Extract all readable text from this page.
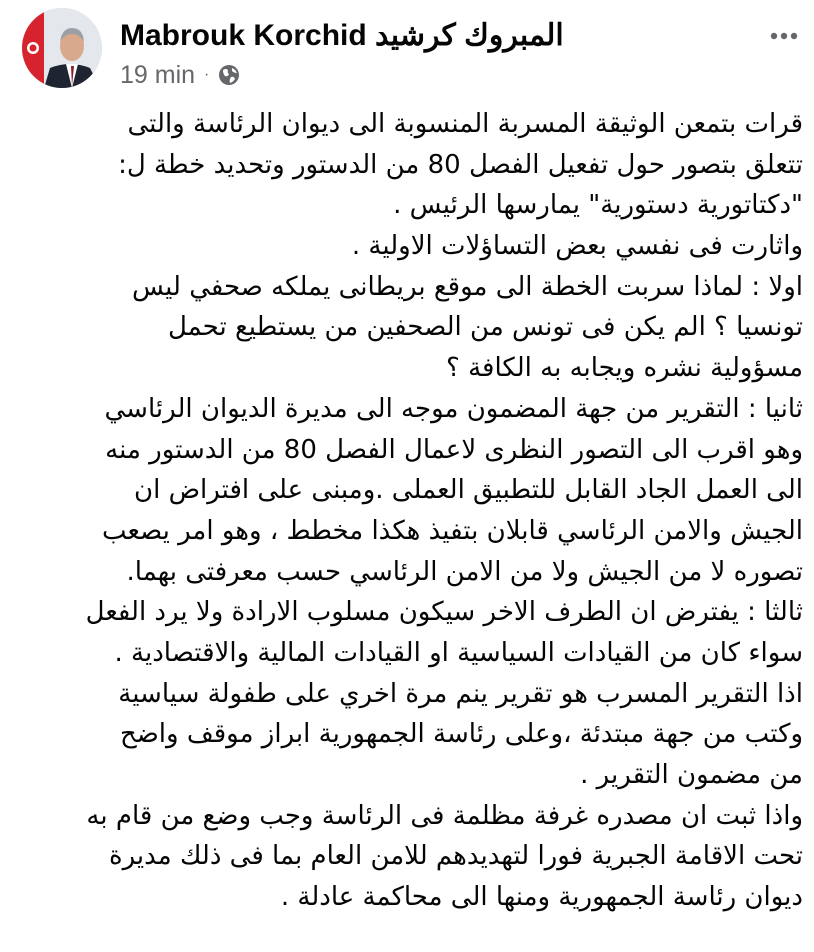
Mabrouk Korchid المبروك كرشيد
19 min ·
قرات بتمعن الوثيقة المسربة المنسوبة الى ديوان الرئاسة والتى
تتعلق بتصور حول تفعيل الفصل 80 من الدستور وتحديد خطة ل:
"دكتاتورية دستورية" يمارسها الرئيس .
واثارت فى نفسي بعض التساؤلات الاولية .
اولا : لماذا سربت الخطة الى موقع بريطانى يملكه صحفي ليس
تونسيا ؟ الم يكن فى تونس من الصحفين من يستطيع تحمل
مسؤولية نشره ويجابه به الكافة ؟
ثانيا : التقرير من جهة المضمون موجه الى مديرة الديوان الرئاسي
وهو اقرب الى التصور النظرى لاعمال الفصل 80 من الدستور منه
الى العمل الجاد القابل للتطبيق العملى .ومبنى على افتراض ان
الجيش والامن الرئاسي قابلان بتفيذ هكذا مخطط ، وهو امر يصعب
تصوره لا من الجيش ولا من الامن الرئاسي حسب معرفتى بهما.
ثالثا : يفترض ان الطرف الاخر سيكون مسلوب الارادة ولا يرد الفعل
سواء كان من القيادات السياسية او القيادات المالية والاقتصادية .
اذا التقرير المسرب هو تقرير ينم مرة اخري على طفولة سياسية
وكتب من جهة مبتدئة ،وعلى رئاسة الجمهورية ابراز موقف واضح
من مضمون التقرير .
واذا ثبت ان مصدره غرفة مظلمة فى الرئاسة وجب وضع من قام به
تحت الاقامة الجبرية فورا لتهديدهم للامن العام بما فى ذلك مديرة
ديوان رئاسة الجمهورية ومنها الى محاكمة عادلة .
